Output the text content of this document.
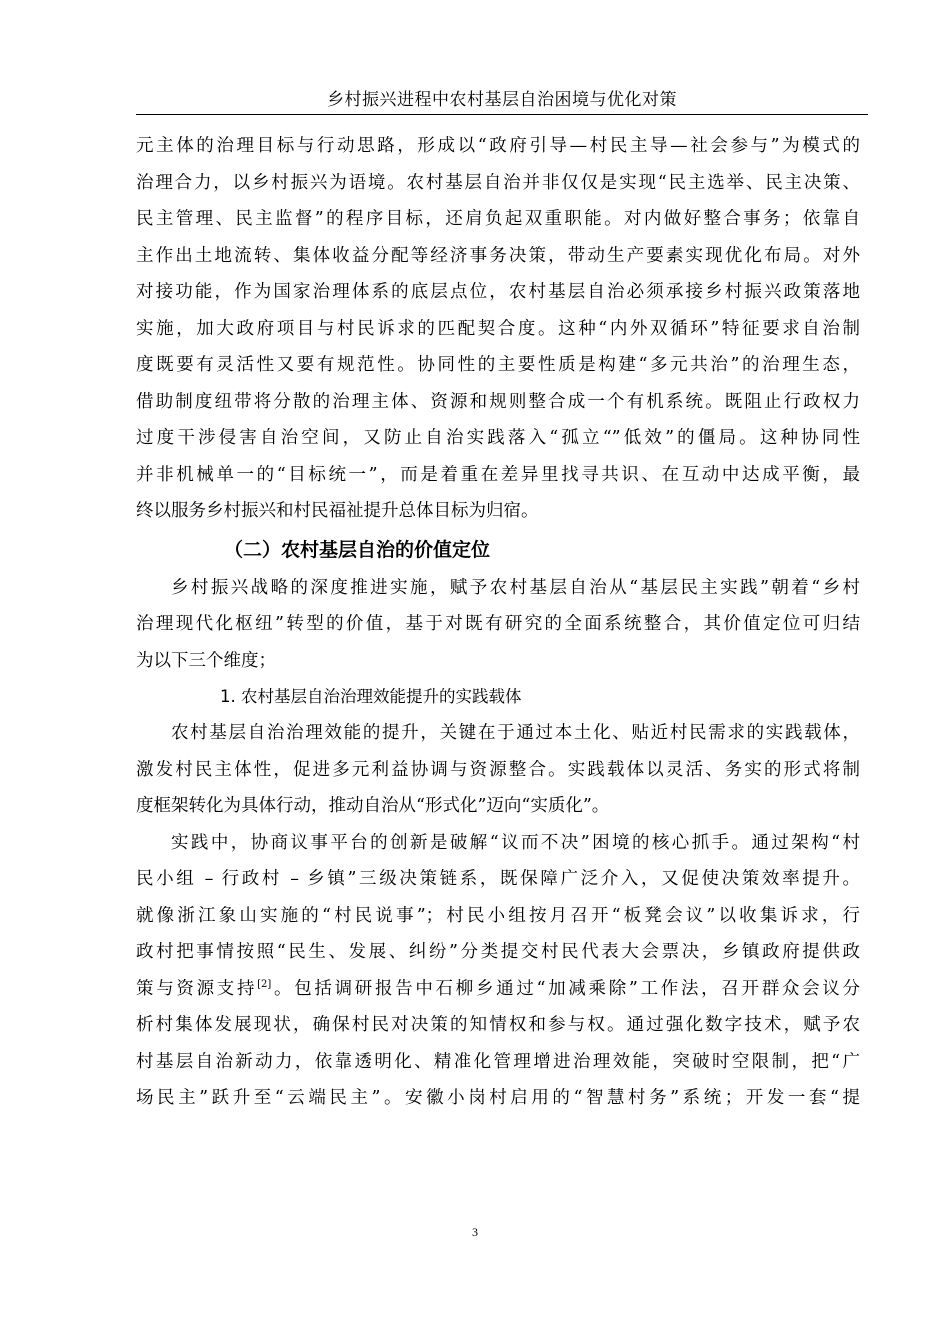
乡村振兴进程中农村基层自治困境与优化对策
元主体的治理目标与行动思路，形成以“政府引导—村民主导—社会参与”为模式的
治理合力，以乡村振兴为语境。农村基层自治并非仅仅是实现“民主选举、民主决策、
民主管理、民主监督”的程序目标，还肩负起双重职能。对内做好整合事务；依靠自
主作出土地流转、集体收益分配等经济事务决策，带动生产要素实现优化布局。对外
对接功能，作为国家治理体系的底层点位，农村基层自治必须承接乡村振兴政策落地
实施，加大政府项目与村民诉求的匹配契合度。这种“内外双循环”特征要求自治制
度既要有灵活性又要有规范性。协同性的主要性质是构建“多元共治”的治理生态，
借助制度纽带将分散的治理主体、资源和规则整合成一个有机系统。既阻止行政权力
过度干涉侵害自治空间，又防止自治实践落入“孤立“”低效”的僵局。这种协同性
并非机械单一的“目标统一”，而是着重在差异里找寻共识、在互动中达成平衡，最
终以服务乡村振兴和村民福祉提升总体目标为归宿。
（二）农村基层自治的价值定位
乡村振兴战略的深度推进实施，赋予农村基层自治从“基层民主实践”朝着“乡村
治理现代化枢纽”转型的价值，基于对既有研究的全面系统整合，其价值定位可归结
为以下三个维度；
1. 农村基层自治治理效能提升的实践载体
农村基层自治治理效能的提升，关键在于通过本土化、贴近村民需求的实践载体，
激发村民主体性，促进多元利益协调与资源整合。实践载体以灵活、务实的形式将制
度框架转化为具体行动，推动自治从“形式化”迈向“实质化”。
实践中，协商议事平台的创新是破解“议而不决”困境的核心抓手。通过架构“村
民小组 – 行政村 – 乡镇”三级决策链系，既保障广泛介入，又促使决策效率提升。
就像浙江象山实施的“村民说事”；村民小组按月召开“板凳会议”以收集诉求，行
政村把事情按照“民生、发展、纠纷”分类提交村民代表大会票决，乡镇政府提供政
策与资源支持[2]。包括调研报告中石柳乡通过“加减乘除”工作法，召开群众会议分
析村集体发展现状，确保村民对决策的知情权和参与权。通过强化数字技术，赋予农
村基层自治新动力，依靠透明化、精准化管理增进治理效能，突破时空限制，把“广
场民主”跃升至“云端民主”。安徽小岗村启用的“智慧村务”系统；开发一套“提
3
